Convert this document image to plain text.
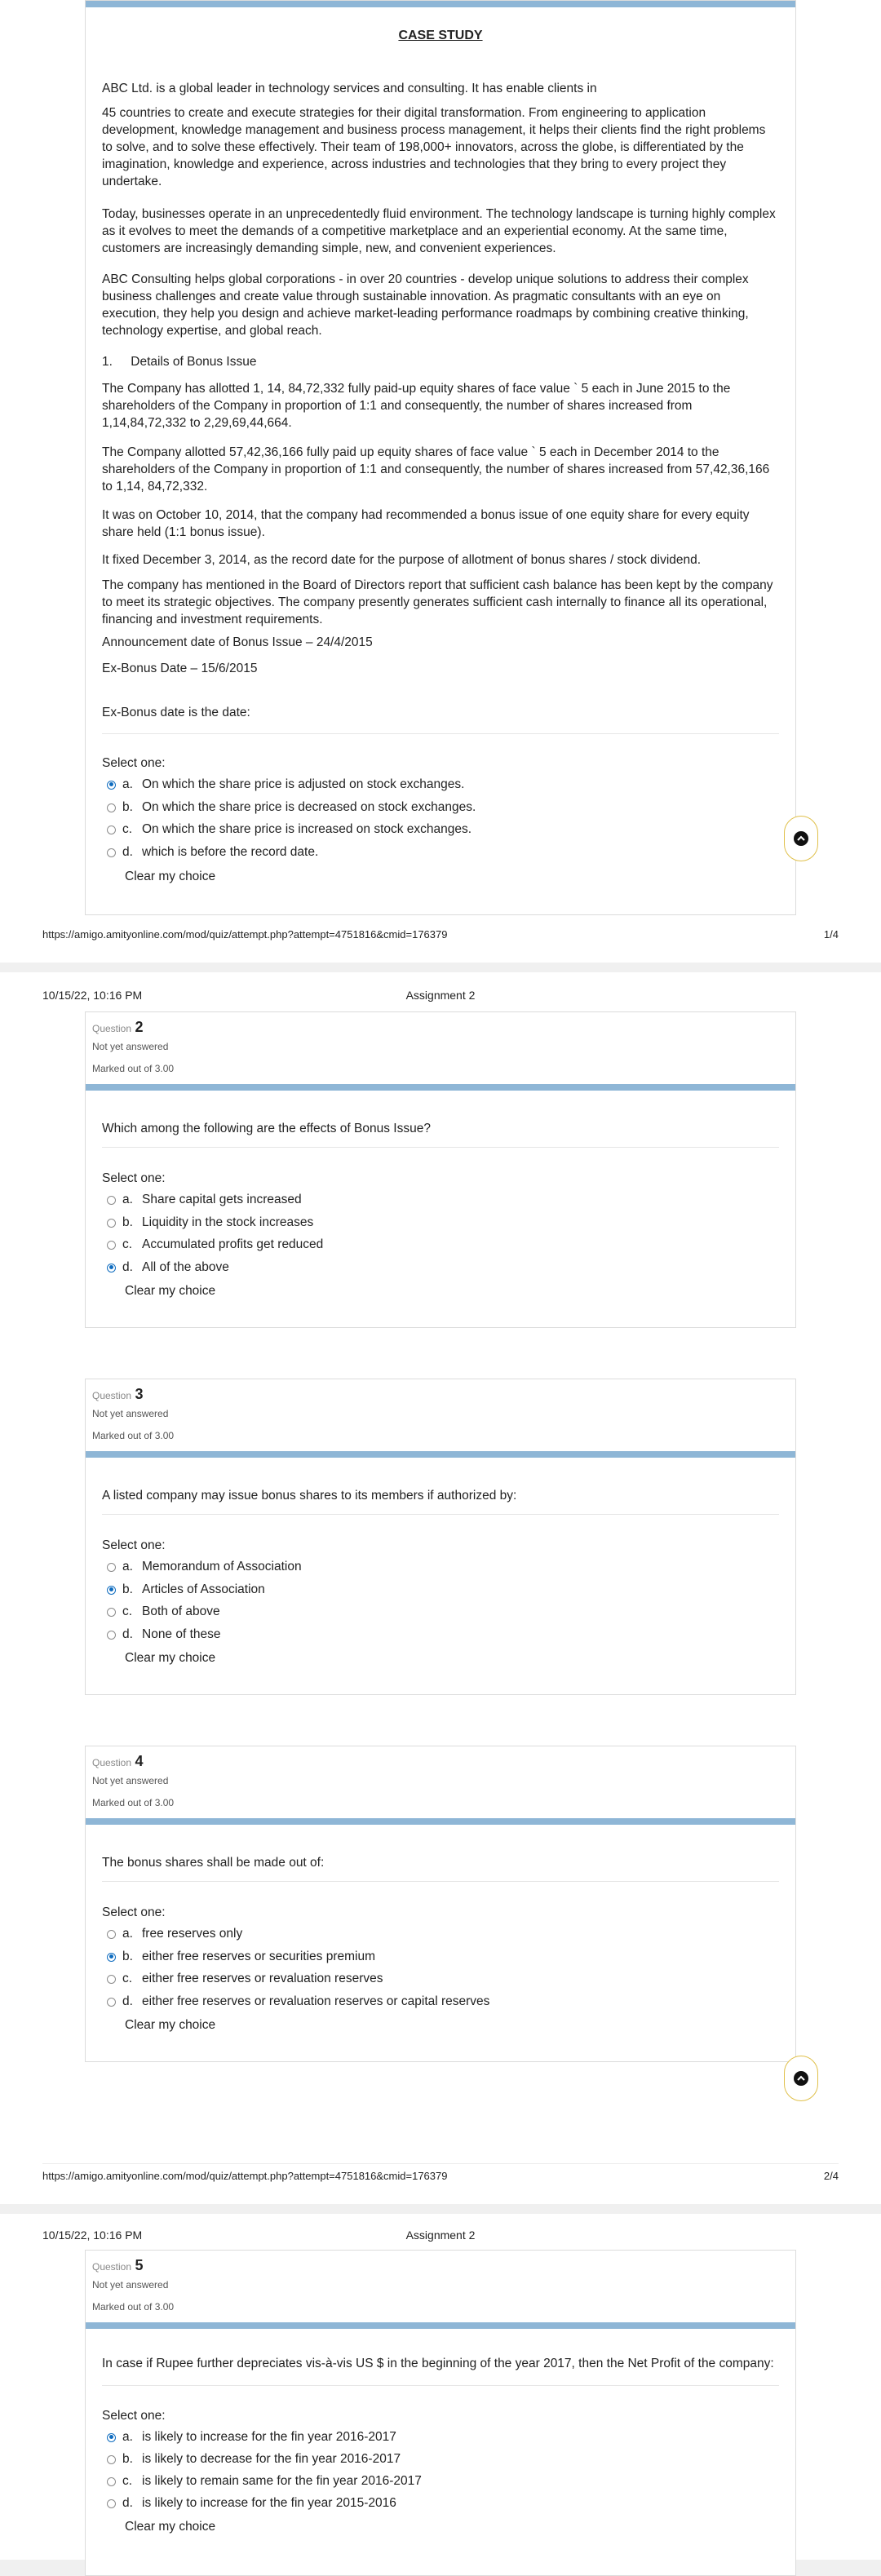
CASE STUDY
ABC Ltd. is a global leader in technology services and consulting. It has enable clients in
45 countries to create and execute strategies for their digital transformation. From engineering to application development, knowledge management and business process management, it helps their clients find the right problems to solve, and to solve these effectively. Their team of 198,000+ innovators, across the globe, is differentiated by the imagination, knowledge and experience, across industries and technologies that they bring to every project they undertake.
Today, businesses operate in an unprecedentedly fluid environment. The technology landscape is turning highly complex as it evolves to meet the demands of a competitive marketplace and an experiential economy. At the same time, customers are increasingly demanding simple, new, and convenient experiences.
ABC Consulting helps global corporations - in over 20 countries - develop unique solutions to address their complex business challenges and create value through sustainable innovation. As pragmatic consultants with an eye on execution, they help you design and achieve market-leading performance roadmaps by combining creative thinking, technology expertise, and global reach.
1. Details of Bonus Issue
The Company has allotted 1, 14, 84,72,332 fully paid-up equity shares of face value ` 5 each in June 2015 to the shareholders of the Company in proportion of 1:1 and consequently, the number of shares increased from 1,14,84,72,332 to 2,29,69,44,664.
The Company allotted 57,42,36,166 fully paid up equity shares of face value ` 5 each in December 2014 to the shareholders of the Company in proportion of 1:1 and consequently, the number of shares increased from 57,42,36,166 to 1,14, 84,72,332.
It was on October 10, 2014, that the company had recommended a bonus issue of one equity share for every equity share held (1:1 bonus issue).
It fixed December 3, 2014, as the record date for the purpose of allotment of bonus shares / stock dividend.
The company has mentioned in the Board of Directors report that sufficient cash balance has been kept by the company to meet its strategic objectives. The company presently generates sufficient cash internally to finance all its operational, financing and investment requirements.
Announcement date of Bonus Issue – 24/4/2015
Ex-Bonus Date – 15/6/2015
Ex-Bonus date is the date:
Select one:
a. On which the share price is adjusted on stock exchanges.
b. On which the share price is decreased on stock exchanges.
c. On which the share price is increased on stock exchanges.
d. which is before the record date.
Clear my choice
https://amigo.amityonline.com/mod/quiz/attempt.php?attempt=4751816&cmid=176379	1/4
10/15/22, 10:16 PM	Assignment 2
Question 2
Not yet answered
Marked out of 3.00
Which among the following are the effects of Bonus Issue?
Select one:
a. Share capital gets increased
b. Liquidity in the stock increases
c. Accumulated profits get reduced
d. All of the above
Clear my choice
Question 3
Not yet answered
Marked out of 3.00
A listed company may issue bonus shares to its members if authorized by:
Select one:
a. Memorandum of Association
b. Articles of Association
c. Both of above
d. None of these
Clear my choice
Question 4
Not yet answered
Marked out of 3.00
The bonus shares shall be made out of:
Select one:
a. free reserves only
b. either free reserves or securities premium
c. either free reserves or revaluation reserves
d. either free reserves or revaluation reserves or capital reserves
Clear my choice
https://amigo.amityonline.com/mod/quiz/attempt.php?attempt=4751816&cmid=176379	2/4
10/15/22, 10:16 PM	Assignment 2
Question 5
Not yet answered
Marked out of 3.00
In case if Rupee further depreciates vis-à-vis US $ in the beginning of the year 2017, then the Net Profit of the company:
Select one:
a. is likely to increase for the fin year 2016-2017
b. is likely to decrease for the fin year 2016-2017
c. is likely to remain same for the fin year 2016-2017
d. is likely to increase for the fin year 2015-2016
Clear my choice
